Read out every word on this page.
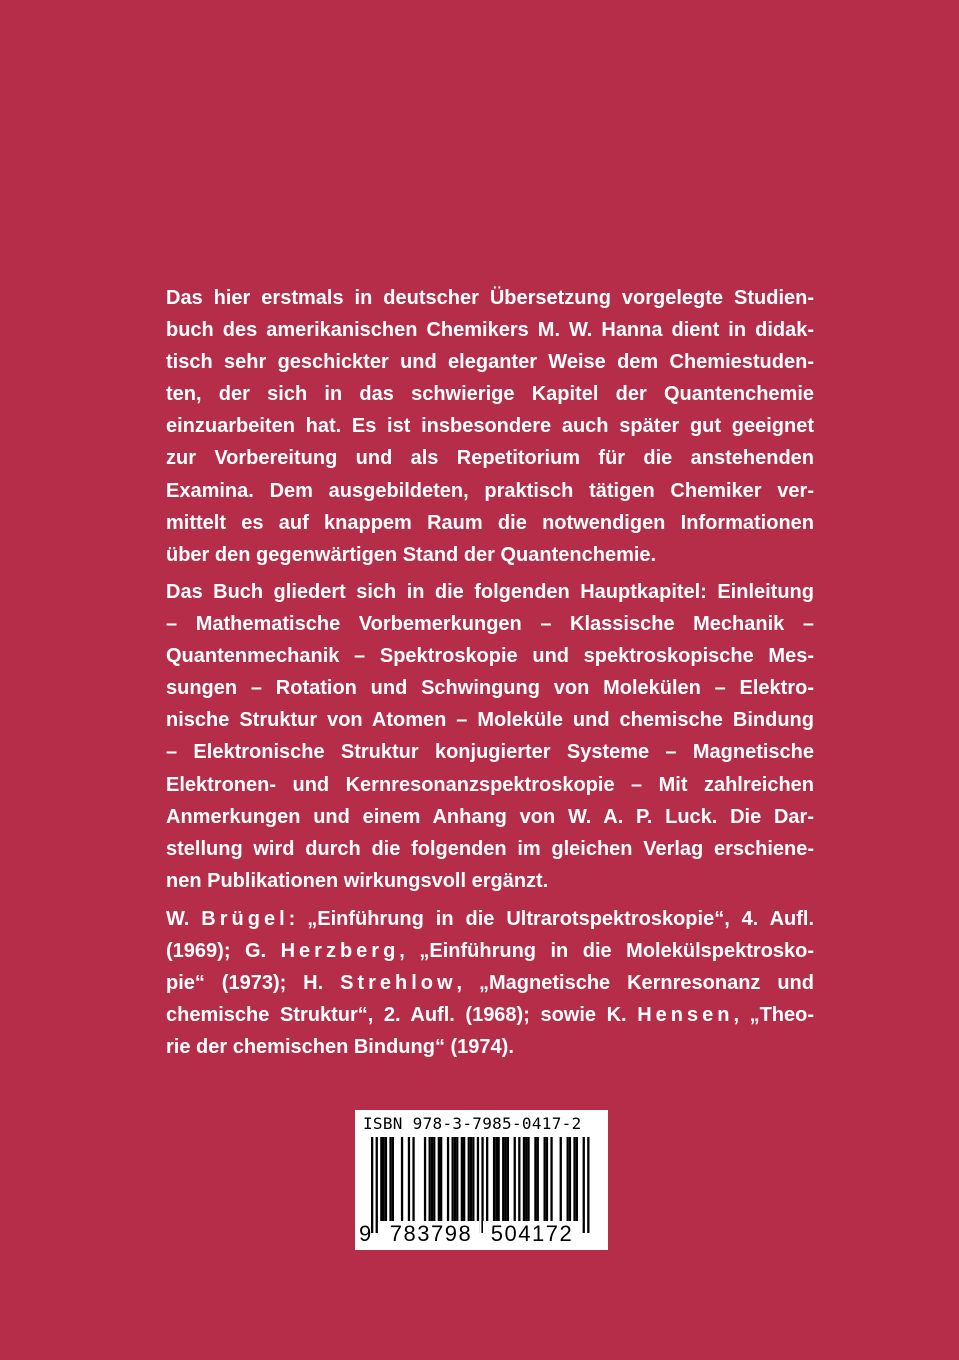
Das hier erstmals in deutscher Übersetzung vorgelegte Studien-
buch des amerikanischen Chemikers M. W. Hanna dient in didak-
tisch sehr geschickter und eleganter Weise dem Chemiestuden-
ten, der sich in das schwierige Kapitel der Quantenchemie
einzuarbeiten hat. Es ist insbesondere auch später gut geeignet
zur Vorbereitung und als Repetitorium für die anstehenden
Examina. Dem ausgebildeten, praktisch tätigen Chemiker ver-
mittelt es auf knappem Raum die notwendigen Informationen
über den gegenwärtigen Stand der Quantenchemie.
Das Buch gliedert sich in die folgenden Hauptkapitel: Einleitung
– Mathematische Vorbemerkungen – Klassische Mechanik –
Quantenmechanik – Spektroskopie und spektroskopische Mes-
sungen – Rotation und Schwingung von Molekülen – Elektro-
nische Struktur von Atomen – Moleküle und chemische Bindung
– Elektronische Struktur konjugierter Systeme – Magnetische
Elektronen- und Kernresonanzspektroskopie – Mit zahlreichen
Anmerkungen und einem Anhang von W. A. P. Luck. Die Dar-
stellung wird durch die folgenden im gleichen Verlag erschiene-
nen Publikationen wirkungsvoll ergänzt.
W. Brügel: „Einführung in die Ultrarotspektroskopie“, 4. Aufl.
(1969); G. Herzberg, „Einführung in die Molekülspektrosko-
pie“ (1973); H. Strehlow, „Magnetische Kernresonanz und
chemische Struktur“, 2. Aufl. (1968); sowie K. Hensen, „Theo-
rie der chemischen Bindung“ (1974).
ISBN 978-3-7985-0417-2
9 783798 504172
